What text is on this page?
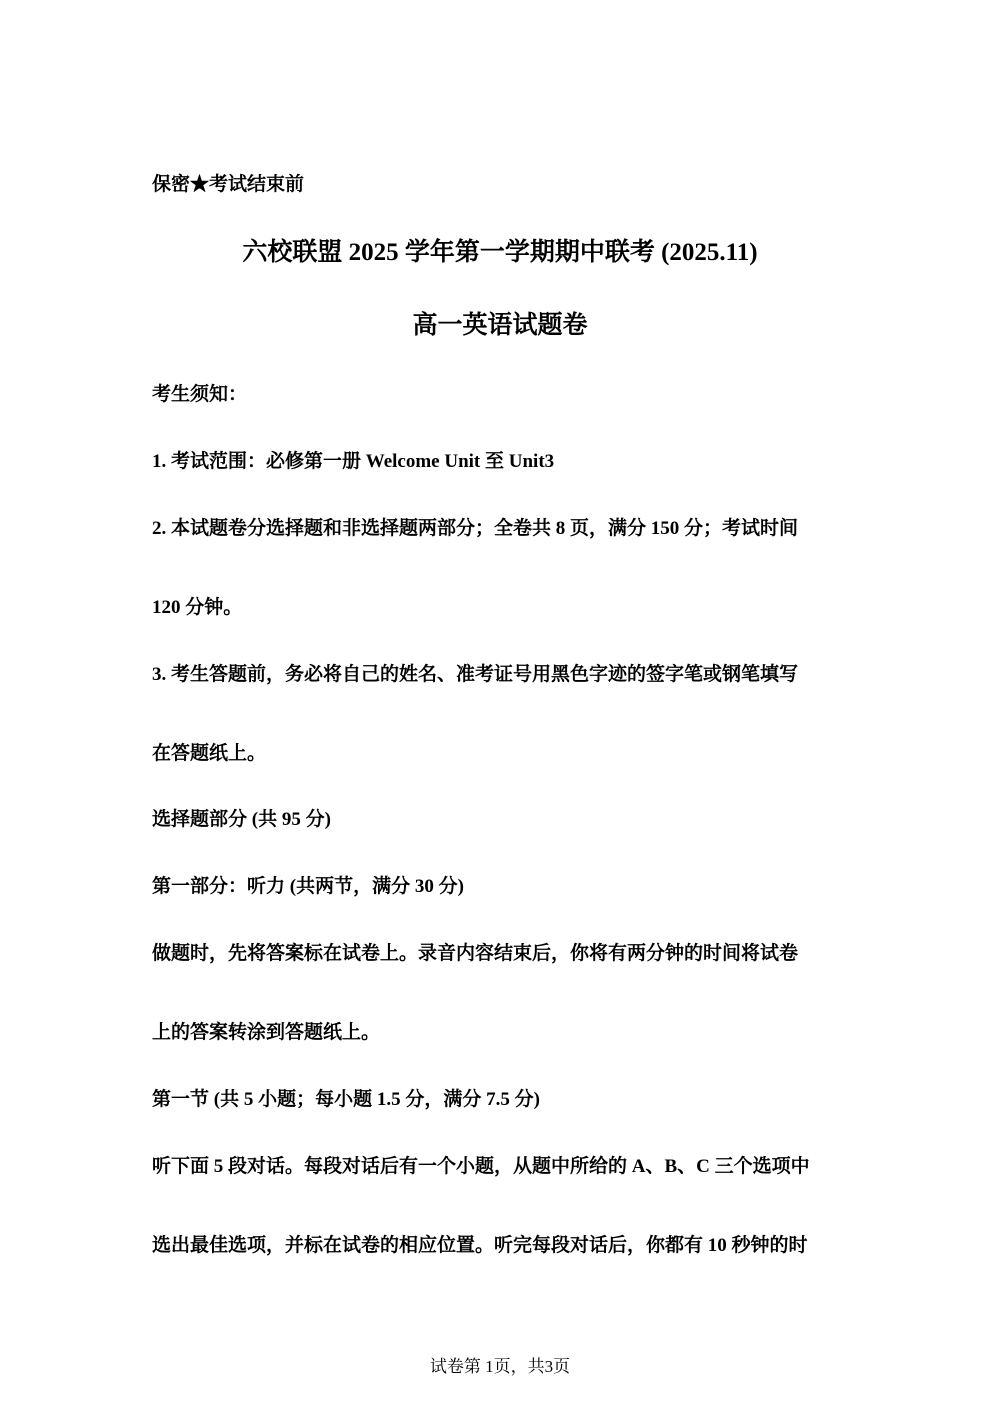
保密★考试结束前
六校联盟 2025 学年第一学期期中联考 (2025.11)
高一英语试题卷
考生须知：
1. 考试范围：必修第一册 Welcome Unit 至 Unit3
2. 本试题卷分选择题和非选择题两部分；全卷共 8 页，满分 150 分；考试时间
120 分钟。
3. 考生答题前，务必将自己的姓名、准考证号用黑色字迹的签字笔或钢笔填写
在答题纸上。
选择题部分 (共 95 分)
第一部分：听力 (共两节，满分 30 分)
做题时，先将答案标在试卷上。录音内容结束后，你将有两分钟的时间将试卷
上的答案转涂到答题纸上。
第一节 (共 5 小题；每小题 1.5 分，满分 7.5 分)
听下面 5 段对话。每段对话后有一个小题，从题中所给的 A、B、C 三个选项中
选出最佳选项，并标在试卷的相应位置。听完每段对话后，你都有 10 秒钟的时
试卷第 1页，共3页
